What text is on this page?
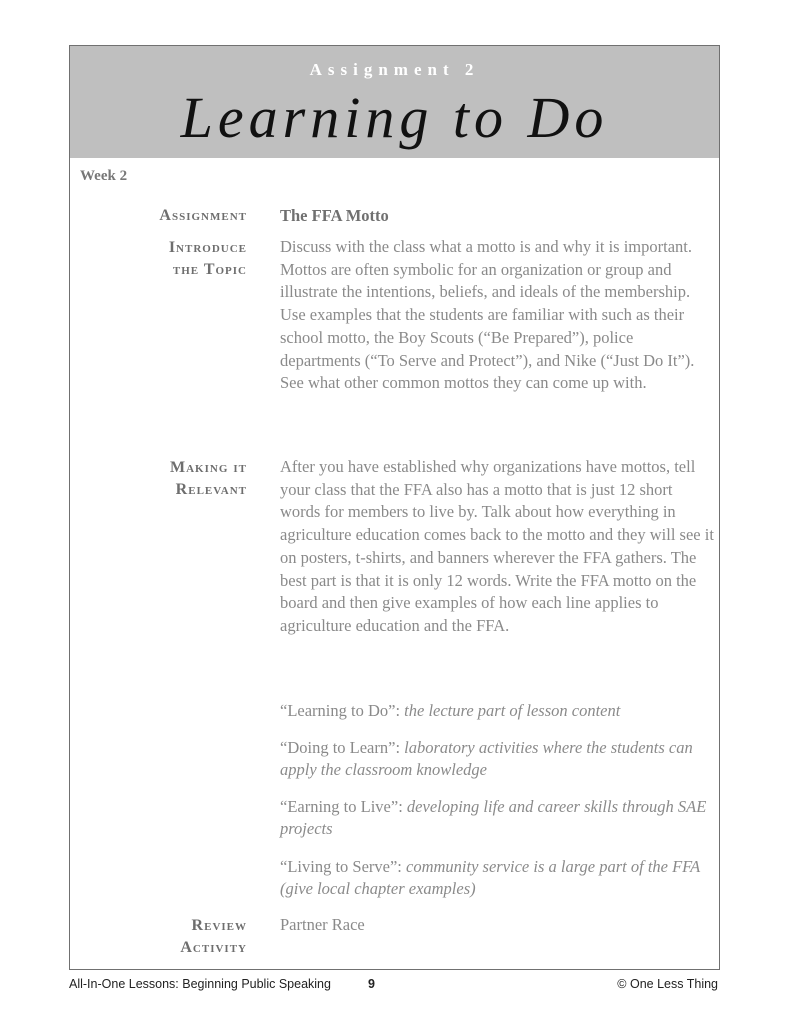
Assignment 2
Learning to Do
Week 2
Assignment The FFA Motto
Introduce
the Topic
Discuss with the class what a motto is and why it is important. Mottos are often symbolic for an organization or group and illustrate the intentions, beliefs, and ideals of the membership. Use examples that the students are familiar with such as their school motto, the Boy Scouts (“Be Prepared”), police departments (“To Serve and Protect”), and Nike (“Just Do It”). See what other common mottos they can come up with.
Making it
Relevant
After you have established why organizations have mottos, tell your class that the FFA also has a motto that is just 12 short words for members to live by. Talk about how everything in agriculture education comes back to the motto and they will see it on posters, t-shirts, and banners wherever the FFA gathers. The best part is that it is only 12 words. Write the FFA motto on the board and then give examples of how each line applies to agriculture education and the FFA.
“Learning to Do”: the lecture part of lesson content
“Doing to Learn”: laboratory activities where the students can apply the classroom knowledge
“Earning to Live”: developing life and career skills through SAE projects
“Living to Serve”: community service is a large part of the FFA (give local chapter examples)
Review
Activity
Partner Race
All-In-One Lessons: Beginning Public Speaking	9	© One Less Thing
